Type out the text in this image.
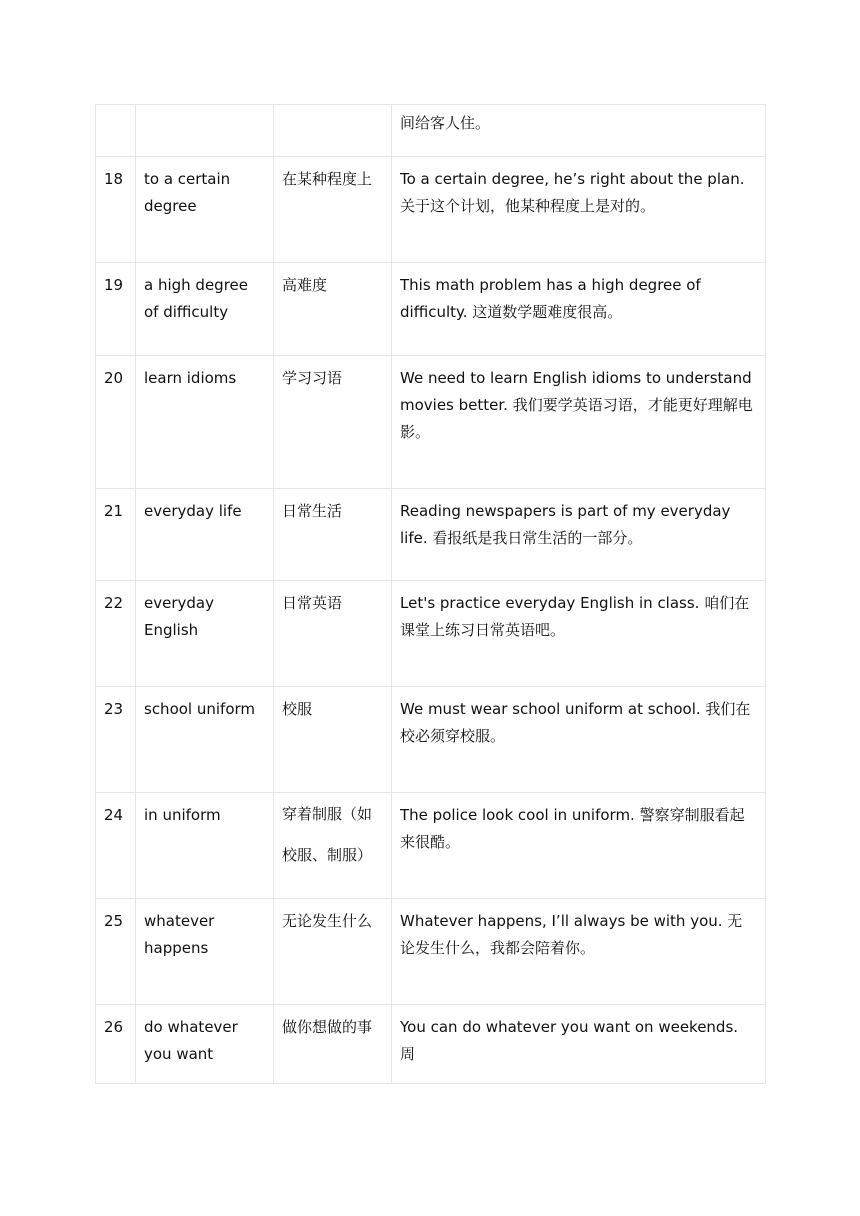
			间给客人住。
18	to a certain degree	在某种程度上	To a certain degree, he’s right about the plan. 关于这个计划，他某种程度上是对的。
19	a high degree of difficulty	高难度	This math problem has a high degree of difficulty. 这道数学题难度很高。
20	learn idioms	学习习语	We need to learn English idioms to understand movies better. 我们要学英语习语，才能更好理解电影。
21	everyday life	日常生活	Reading newspapers is part of my everyday life. 看报纸是我日常生活的一部分。
22	everyday English	日常英语	Let's practice everyday English in class. 咱们在课堂上练习日常英语吧。
23	school uniform	校服	We must wear school uniform at school. 我们在校必须穿校服。
24	in uniform	穿着制服（如校服、制服）	The police look cool in uniform. 警察穿制服看起来很酷。
25	whatever happens	无论发生什么	Whatever happens, I’ll always be with you. 无论发生什么，我都会陪着你。
26	do whatever you want	做你想做的事	You can do whatever you want on weekends. 周
